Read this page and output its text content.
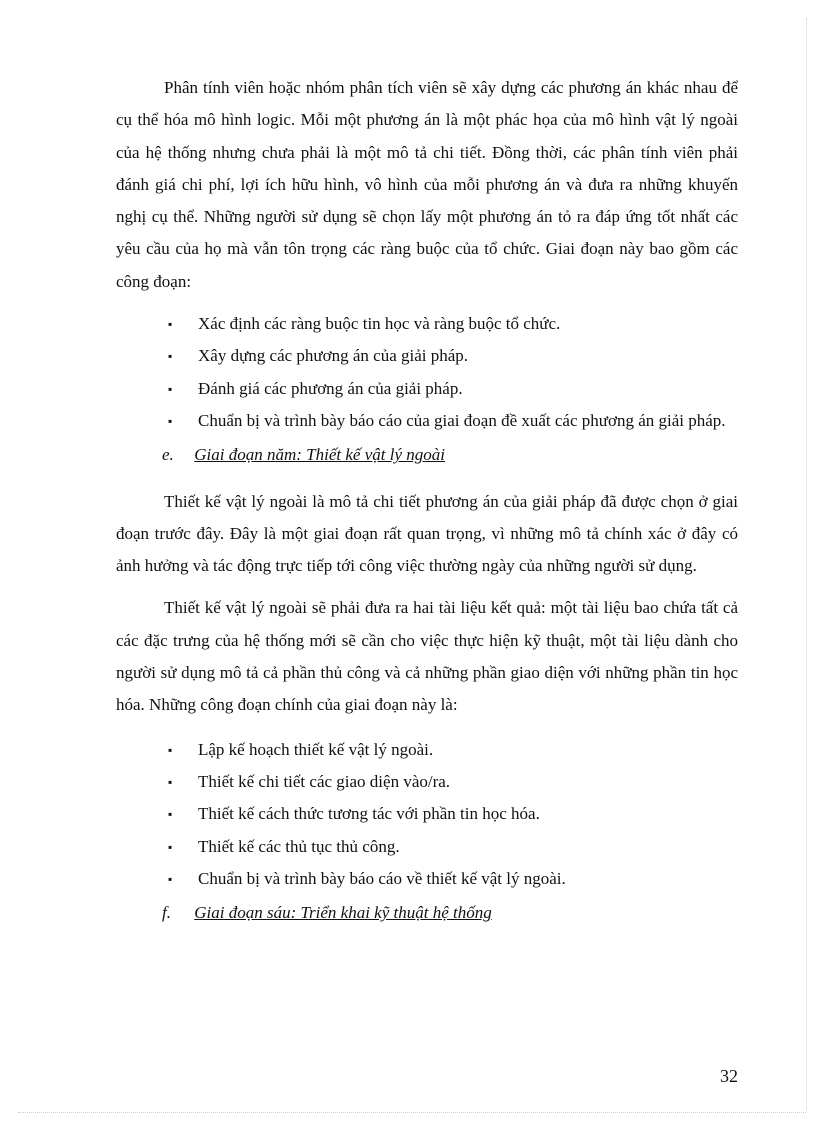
Phân tính viên hoặc nhóm phân tích viên sẽ xây dựng các phương án khác nhau để cụ thể hóa mô hình logic. Mỗi một phương án là một phác họa của mô hình vật lý ngoài của hệ thống nhưng chưa phải là một mô tả chi tiết. Đồng thời, các phân tính viên phải đánh giá chi phí, lợi ích hữu hình, vô hình của mỗi phương án và đưa ra những khuyến nghị cụ thể. Những người sử dụng sẽ chọn lấy một phương án tỏ ra đáp ứng tốt nhất các yêu cầu của họ mà vẫn tôn trọng các ràng buộc của tổ chức. Giai đoạn này bao gồm các công đoạn:

▪ Xác định các ràng buộc tin học và ràng buộc tổ chức.
▪ Xây dựng các phương án của giải pháp.
▪ Đánh giá các phương án của giải pháp.
▪ Chuẩn bị và trình bày báo cáo của giai đoạn đề xuất các phương án giải pháp.

e. Giai đoạn năm: Thiết kế vật lý ngoài

Thiết kế vật lý ngoài là mô tả chi tiết phương án của giải pháp đã được chọn ở giai đoạn trước đây. Đây là một giai đoạn rất quan trọng, vì những mô tả chính xác ở đây có ảnh hưởng và tác động trực tiếp tới công việc thường ngày của những người sử dụng.

Thiết kế vật lý ngoài sẽ phải đưa ra hai tài liệu kết quả: một tài liệu bao chứa tất cả các đặc trưng của hệ thống mới sẽ cần cho việc thực hiện kỹ thuật, một tài liệu dành cho người sử dụng mô tả cả phần thủ công và cả những phần giao diện với những phần tin học hóa. Những công đoạn chính của giai đoạn này là:

▪ Lập kế hoạch thiết kế vật lý ngoài.
▪ Thiết kế chi tiết các giao diện vào/ra.
▪ Thiết kế cách thức tương tác với phần tin học hóa.
▪ Thiết kế các thủ tục thủ công.
▪ Chuẩn bị và trình bày báo cáo về thiết kế vật lý ngoài.

f. Giai đoạn sáu: Triển khai kỹ thuật hệ thống

32
